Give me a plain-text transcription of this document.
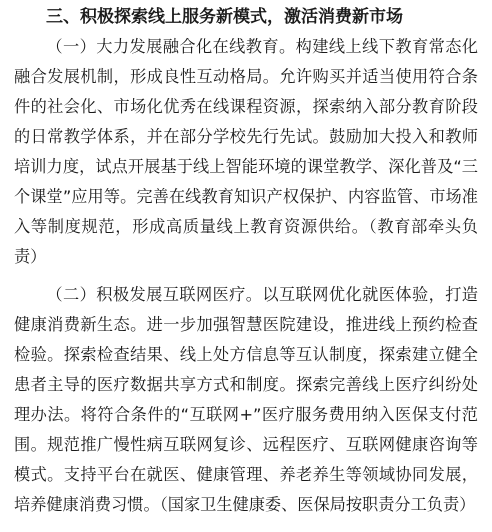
三、积极探索线上服务新模式，激活消费新市场

（一）大力发展融合化在线教育。构建线上线下教育常态化融合发展机制，形成良性互动格局。允许购买并适当使用符合条件的社会化、市场化优秀在线课程资源，探索纳入部分教育阶段的日常教学体系，并在部分学校先行先试。鼓励加大投入和教师培训力度，试点开展基于线上智能环境的课堂教学、深化普及“三个课堂”应用等。完善在线教育知识产权保护、内容监管、市场准入等制度规范，形成高质量线上教育资源供给。（教育部牵头负责）

（二）积极发展互联网医疗。以互联网优化就医体验，打造健康消费新生态。进一步加强智慧医院建设，推进线上预约检查检验。探索检查结果、线上处方信息等互认制度，探索建立健全患者主导的医疗数据共享方式和制度。探索完善线上医疗纠纷处理办法。将符合条件的“互联网+”医疗服务费用纳入医保支付范围。规范推广慢性病互联网复诊、远程医疗、互联网健康咨询等模式。支持平台在就医、健康管理、养老养生等领域协同发展，培养健康消费习惯。（国家卫生健康委、医保局按职责分工负责）
